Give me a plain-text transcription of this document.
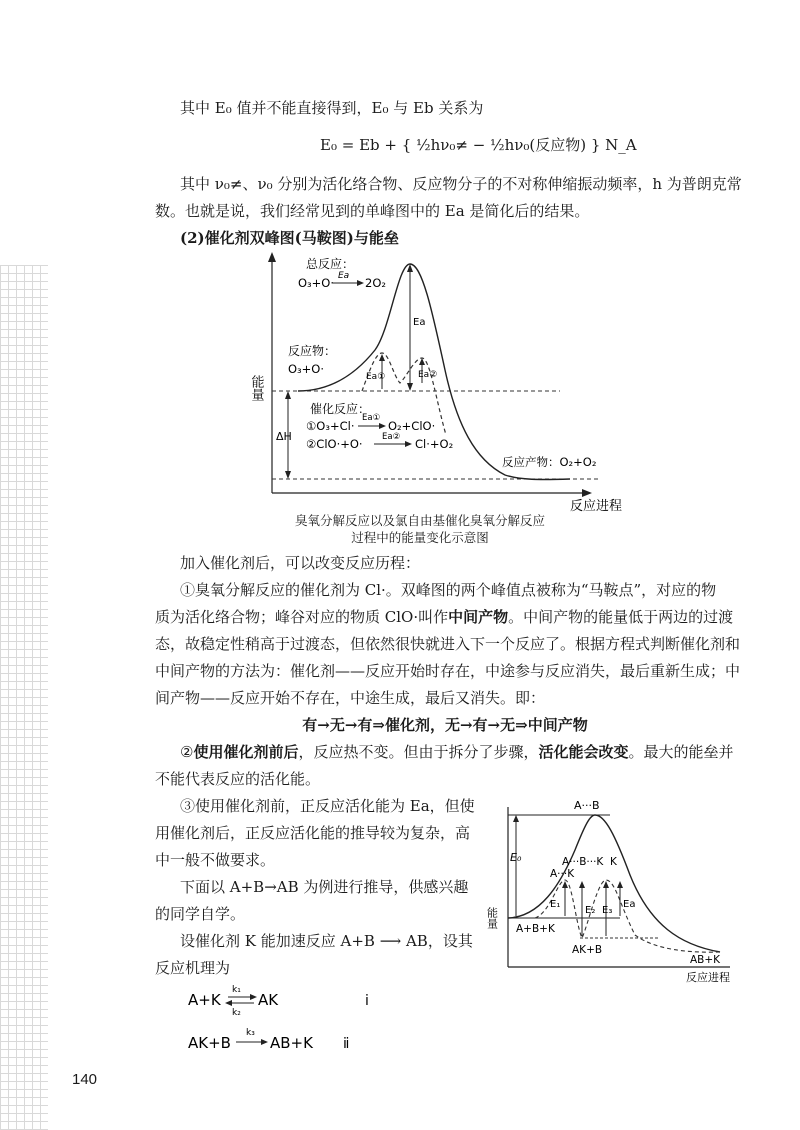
其中 E₀ 值并不能直接得到，E₀ 与 Eb 关系为
E₀ = Eb + { ½hν₀≠ − ½hν₀(反应物) } N_A
其中 ν₀≠、ν₀ 分别为活化络合物、反应物分子的不对称伸缩振动频率，h 为普朗克常
数。也就是说，我们经常见到的单峰图中的 Ea 是简化后的结果。
(2)催化剂双峰图(马鞍图)与能垒
能量
反应进程
总反应：
O₃+O· Ea 2O₂
反应物：
O₃+O·
Ea
Ea①	Ea②
催化反应：
①O₃+Cl·
Ea①
O₂+ClO·
②ClO·+O· Ea② Cl·+O₂
ΔH
反应产物：O₂+O₂
臭氧分解反应以及氯自由基催化臭氧分解反应
过程中的能量变化示意图
加入催化剂后，可以改变反应历程：
①臭氧分解反应的催化剂为 Cl·。双峰图的两个峰值点被称为“马鞍点”，对应的物
质为活化络合物；峰谷对应的物质 ClO·叫作中间产物。中间产物的能量低于两边的过渡
态，故稳定性稍高于过渡态，但依然很快就进入下一个反应了。根据方程式判断催化剂和
中间产物的方法为：催化剂——反应开始时存在，中途参与反应消失，最后重新生成；中
间产物——反应开始不存在，中途生成，最后又消失。即：
有→无→有⇒催化剂，无→有→无⇒中间产物
②使用催化剂前后，反应热不变。但由于拆分了步骤，活化能会改变。最大的能垒并
不能代表反应的活化能。
③使用催化剂前，正反应活化能为 Ea，但使
用催化剂后，正反应活化能的推导较为复杂，高
中一般不做要求。
下面以 A+B→AB 为例进行推导，供感兴趣
的同学自学。
设催化剂 K 能加速反应 A+B ⟶ AB，设其
反应机理为
A+K
k₁
k₂
AK	ⅰ
AK+B
k₃
AB+K ⅱ
能量
反应进程
A···B
E₀
A···K
A···B···K K
E₁
E₂ E₃
Ea
A+B+K
AK+B
AB+K
140
